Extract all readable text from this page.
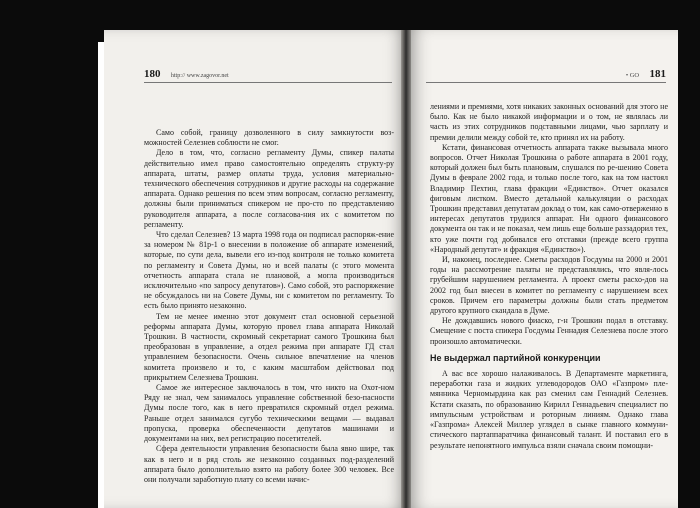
180 http:// www.zagovor.net

Само собой, границу дозволенного в силу замкнутости воз-можностей Селезнев соблюсти не смог.

Дело в том, что, согласно регламенту Думы, спикер палаты действительно имел право самостоятельно определять структу-ру аппарата, штаты, размер оплаты труда, условия материально-технического обеспечения сотрудников и другие расходы на содержание аппарата. Однако решения по всем этим вопросам, согласно регламенту, должны были приниматься спикером не про-сто по представлению руководителя аппарата, а после согласова-ния их с комитетом по регламенту.

Что сделал Селезнев? 13 марта 1998 года он подписал распоряж-ение за номером № 81р-1 о внесении в положение об аппарате изменений, которые, по сути дела, вывели его из-под контроля не только комитета по регламенту и Совета Думы, но и всей палаты (с этого момента отчетность аппарата стала не плановой, а могла производиться исключительно «по запросу депутатов»). Само собой, это распоряжение не обсуждалось ни на Совете Думы, ни с комитетом по регламенту. То есть было принято незаконно.

Тем не менее именно этот документ стал основной серьезной реформы аппарата Думы, которую провел глава аппарата Николай Трошкин. В частности, скромный секретариат самого Трошкина был преобразован в управление, а отдел режима при аппарате ГД стал управлением безопасности. Очень сильное впечатление на членов комитета произвело и то, с каким масштабом действовал под прикрытием Селезнева Трошкин.

Самое же интересное заключалось в том, что никто на Охот-ном Ряду не знал, чем занималось управление собственной безо-пасности Думы после того, как в него превратился скромный отдел режима. Раньше отдел занимался сугубо техническими вещами — выдавал пропуска, проверка обеспеченности депутатов машинами и документами на них, вел регистрацию посетителей.

Сфера деятельности управления безопасности была явно шире, так как в него и в ряд столь же незаконно созданных под-разделений аппарата было дополнительно взято на работу более 300 человек. Все они получали заработную плату со всеми начис-

• GO 181

лениями и премиями, хотя никаких законных оснований для этого не было. Как не было никакой информации и о том, не являлась ли часть из этих сотрудников подставными лицами, чью зарплату и премии делили между собой те, кто принял их на работу.

Кстати, финансовая отчетность аппарата также вызывала много вопросов. Отчет Николая Трошкина о работе аппарата в 2001 году, который должен был быть плановым, слушался по ре-шению Совета Думы в феврале 2002 года, и только после того, как на том настоял Владимир Пехтин, глава фракции «Единство». Отчет оказался фиговым листком. Вместо детальной калькуляции о расходах Трошкин представил депутатам доклад о том, как само-отверженно в интересах депутатов трудился аппарат. Ни одного финансового документа он так и не показал, чем лишь еще больше раззадорил тех, кто уже почти год добивался его отставки (прежде всего группа «Народный депутат» и фракция «Единство»).

И, наконец, последнее. Сметы расходов Госдумы на 2000 и 2001 годы на рассмотрение палаты не представлялись, что явля-лось грубейшим нарушением регламента. А проект сметы расхо-дов на 2002 год был внесен в комитет по регламенту с нарушением всех сроков. Причем его параметры должны были стать предметом другого крупного скандала в Думе.

Не дождавшись нового фиаско, г-н Трошкин подал в отставку. Смещение с поста спикера Госдумы Геннадия Селезнева после этого произошло автоматически.

Не выдержал партийной конкуренции

А вас все хорошо налаживалось. В Департаменте маркетинга, переработки газа и жидких углеводородов ОАО «Газпром» пле-мянника Черномырдина как раз сменил сам Геннадий Селезнев. Кстати сказать, по образованию Кирилл Геннадьевич специалист по импульсным устройствам и роторным линиям. Однако глава «Газпрома» Алексей Миллер углядел в сынке главного коммуни-стического партаппаратчика финансовый талант. И поставил его в результате непонятного импульса взяли сначала своим помощни-
